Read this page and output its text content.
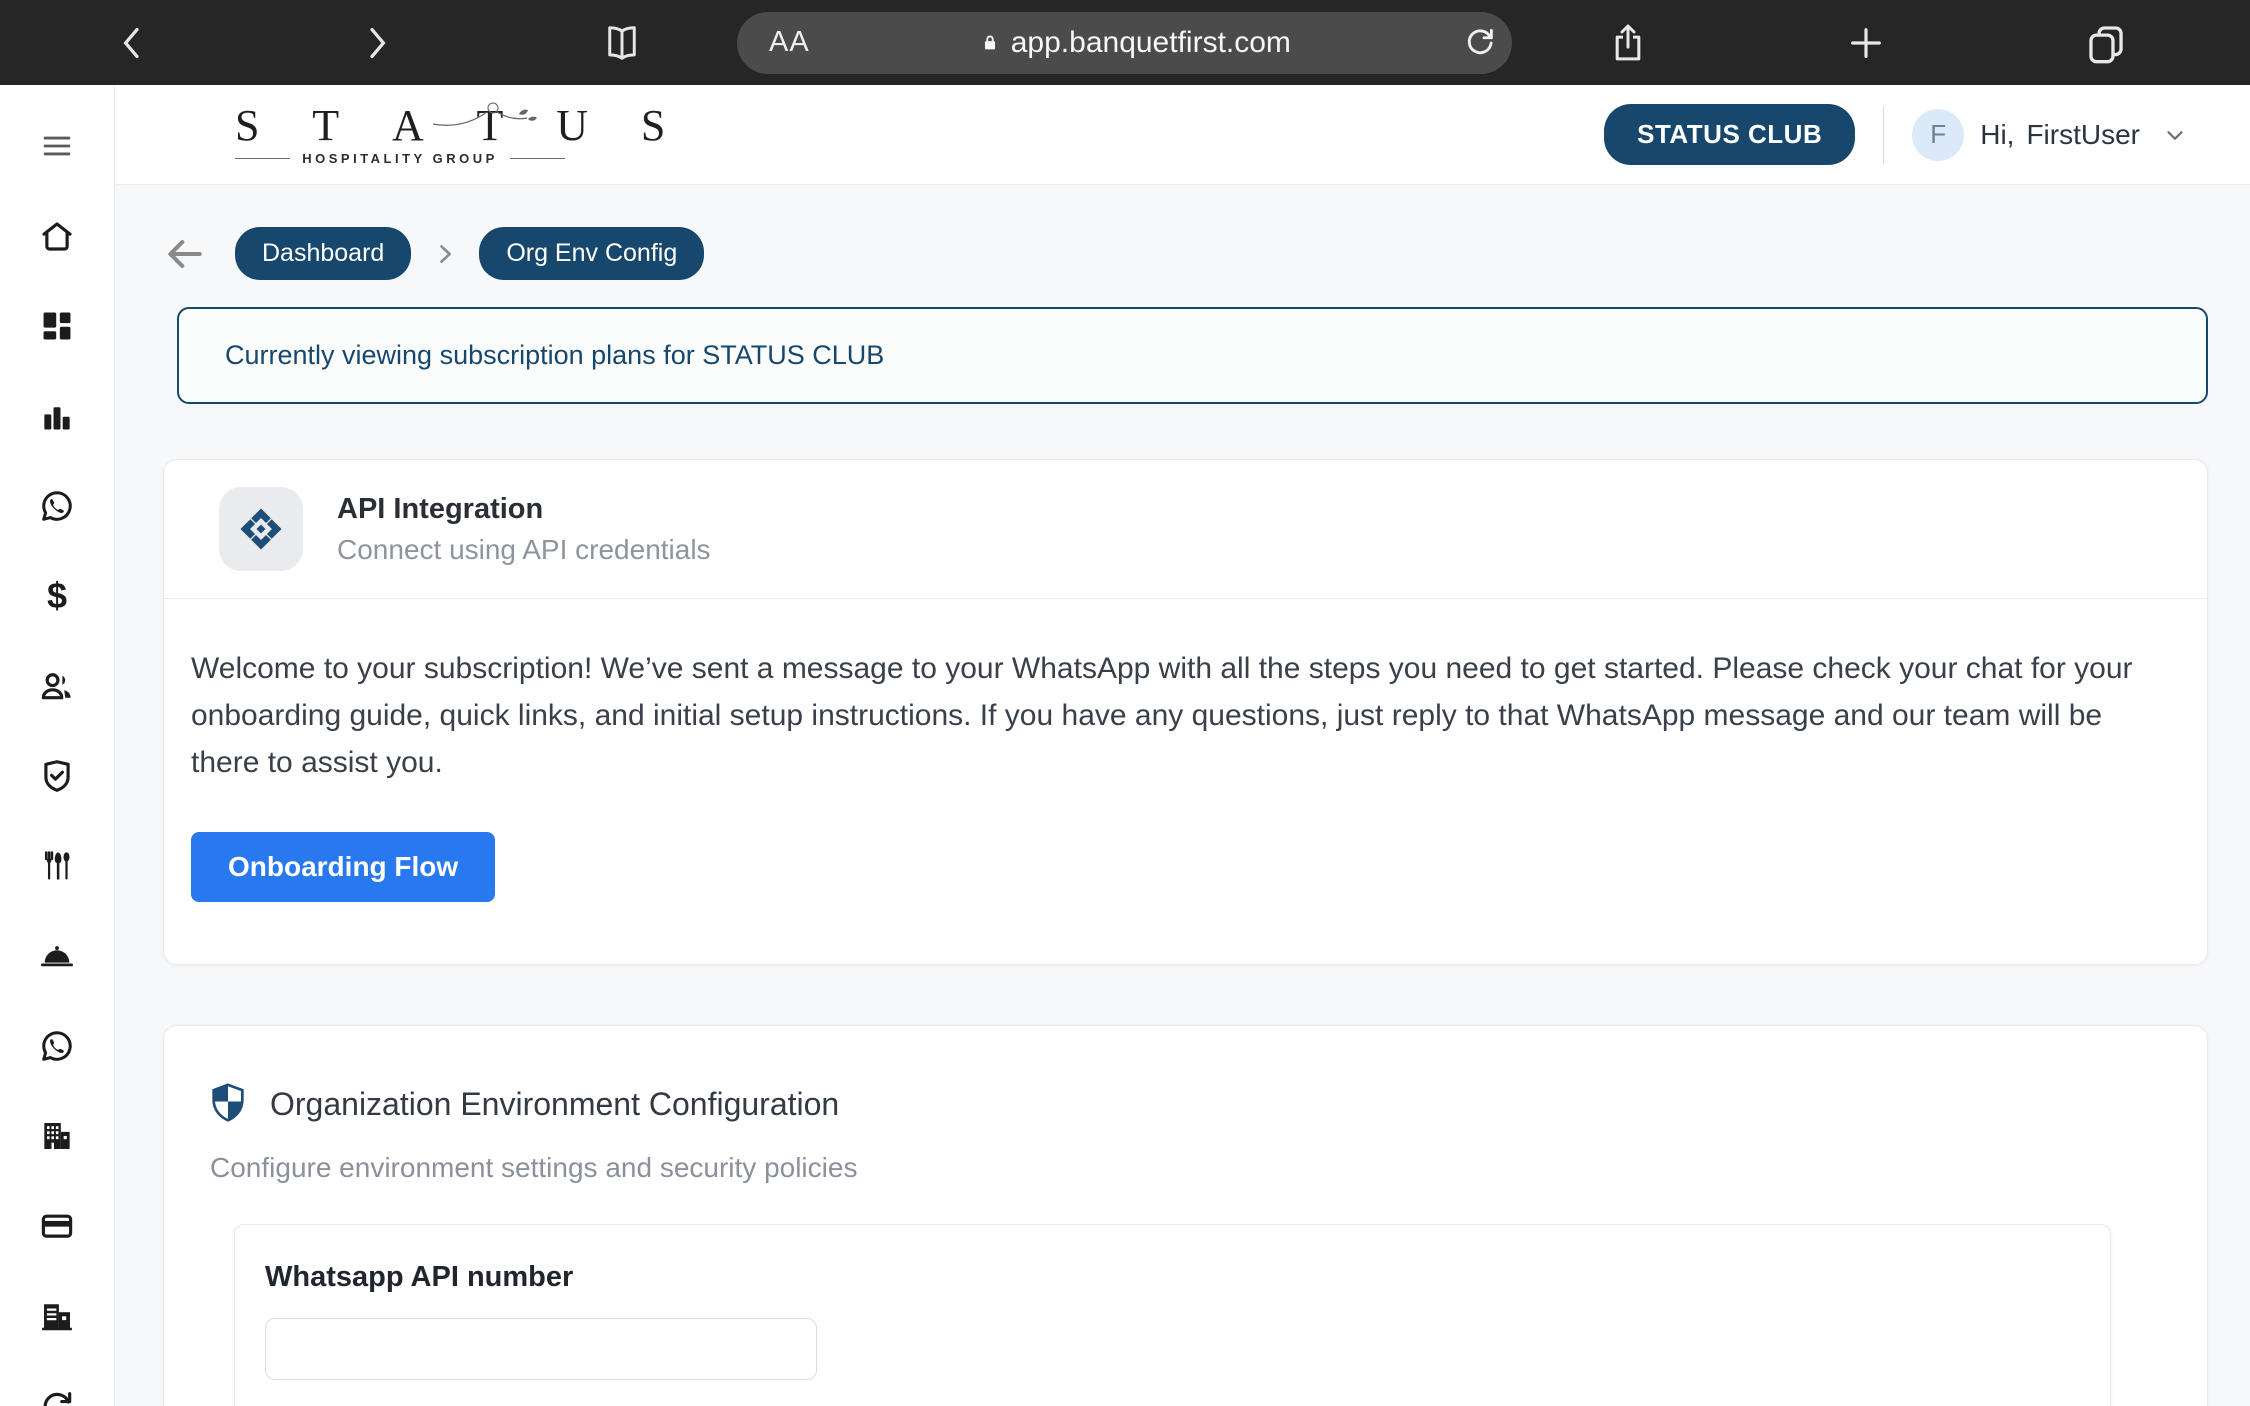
AA	app.banquetfirst.com
$
S T A T U S
HOSPITALITY GROUP
STATUS CLUB	F	Hi, FirstUser
Dashboard	Org Env Config
Currently viewing subscription plans for STATUS CLUB
API Integration
Connect using API credentials

Welcome to your subscription! We’ve sent a message to your WhatsApp with all the steps you need to get started. Please check your chat for your onboarding guide, quick links, and initial setup instructions. If you have any questions, just reply to that WhatsApp message and our team will be there to assist you.

Onboarding Flow
Organization Environment Configuration
Configure environment settings and security policies
Whatsapp API number
